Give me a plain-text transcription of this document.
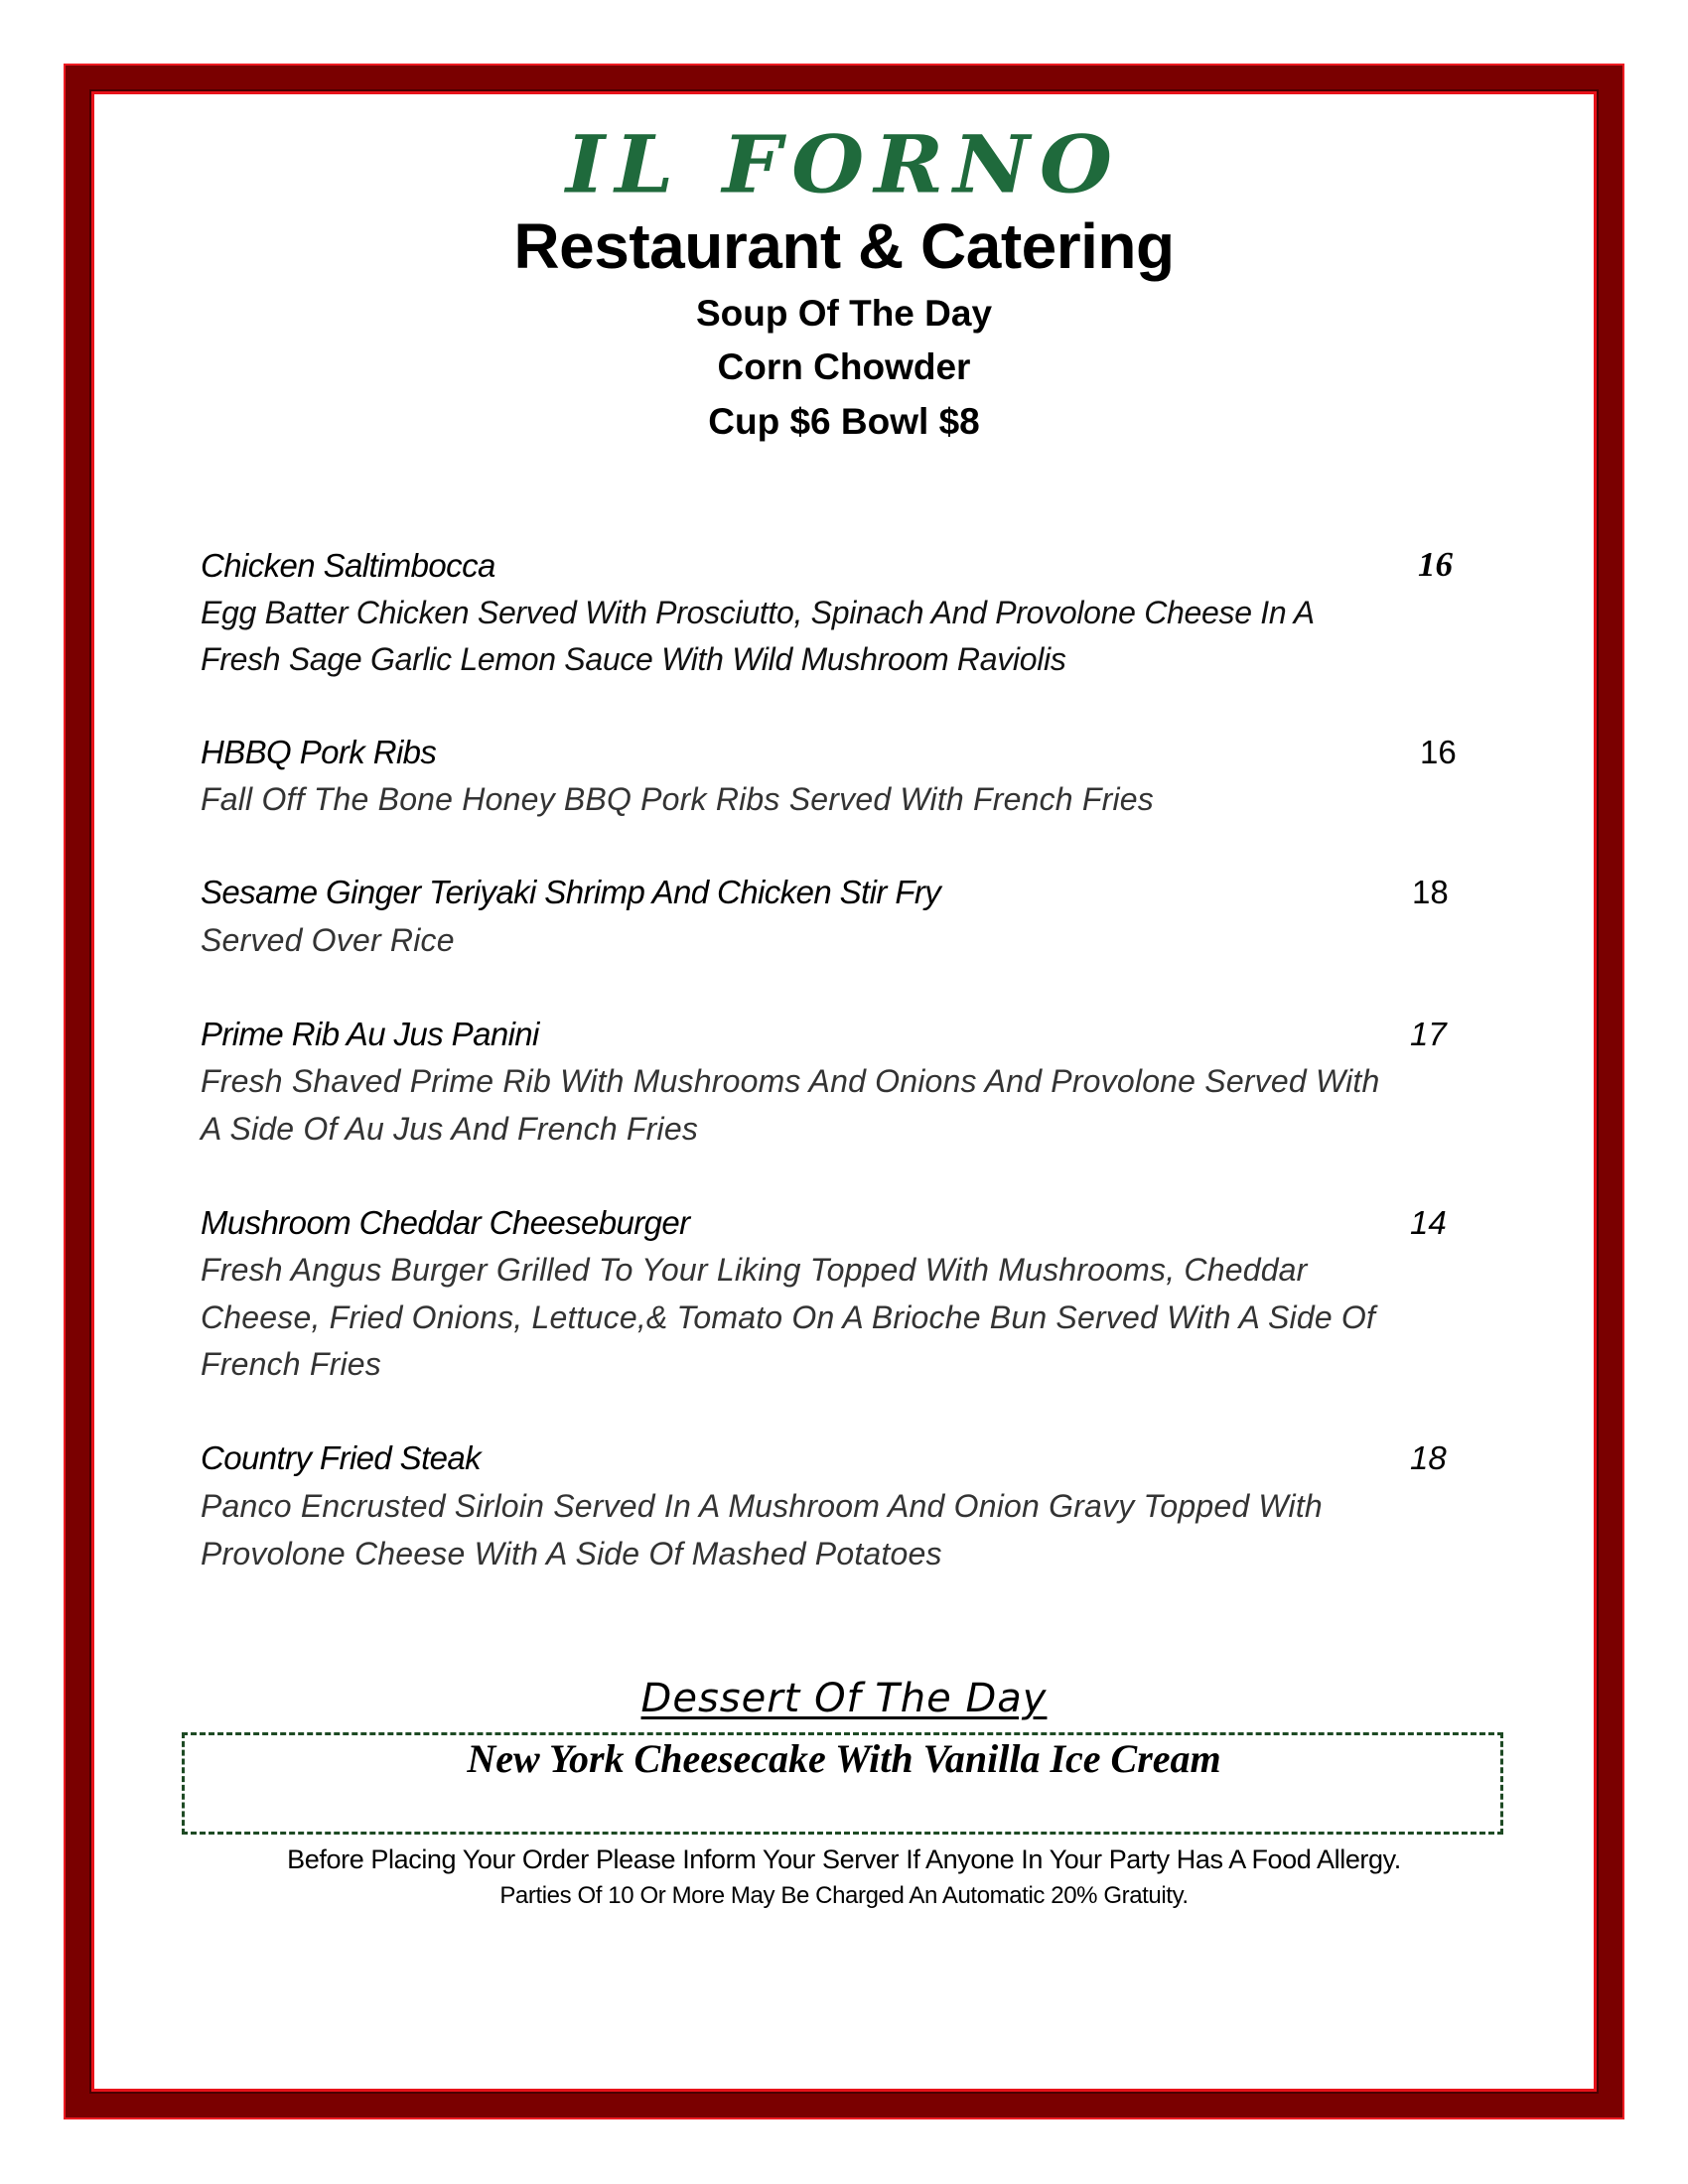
IL FORNO
Restaurant & Catering
Soup Of The Day
Corn Chowder
Cup $6 Bowl $8
Chicken Saltimbocca	16
Egg Batter Chicken Served With Prosciutto, Spinach And Provolone Cheese In A
Fresh Sage Garlic Lemon Sauce With Wild Mushroom Raviolis
HBBQ Pork Ribs	16
Fall Off The Bone Honey BBQ Pork Ribs Served With French Fries
Sesame Ginger Teriyaki Shrimp And Chicken Stir Fry	18
Served Over Rice
Prime Rib Au Jus Panini	17
Fresh Shaved Prime Rib With Mushrooms And Onions And Provolone Served With
A Side Of Au Jus And French Fries
Mushroom Cheddar Cheeseburger	14
Fresh Angus Burger Grilled To Your Liking Topped With Mushrooms, Cheddar
Cheese, Fried Onions, Lettuce,& Tomato On A Brioche Bun Served With A Side Of
French Fries
Country Fried Steak	18
Panco Encrusted Sirloin Served In A Mushroom And Onion Gravy Topped With
Provolone Cheese With A Side Of Mashed Potatoes
Dessert Of The Day
New York Cheesecake With Vanilla Ice Cream
Before Placing Your Order Please Inform Your Server If Anyone In Your Party Has A Food Allergy.
Parties Of 10 Or More May Be Charged An Automatic 20% Gratuity.
